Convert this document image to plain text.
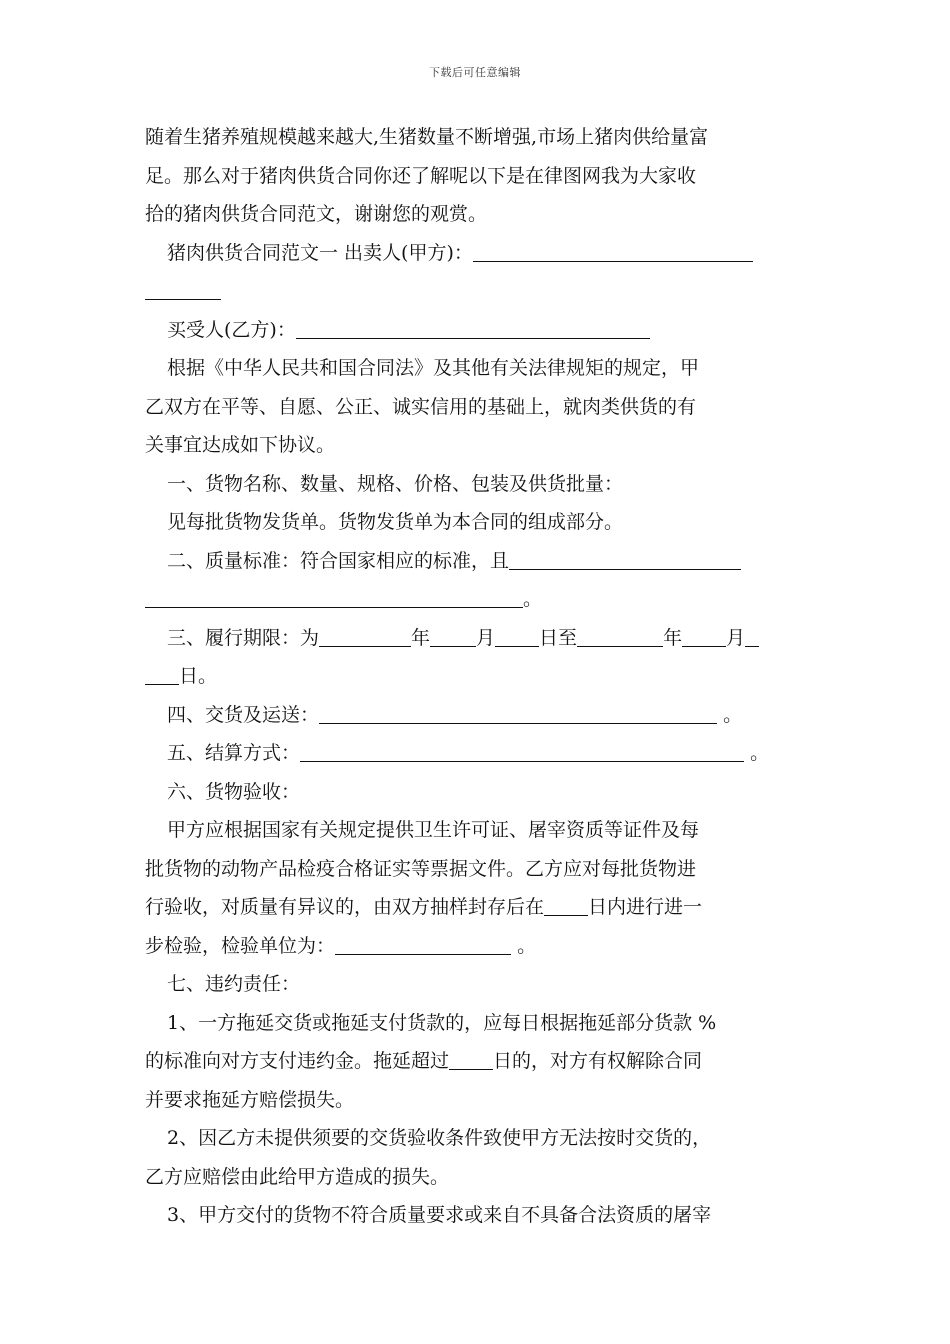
下载后可任意编辑
随着生猪养殖规模越来越大,生猪数量不断增强,市场上猪肉供给量富
足。那么对于猪肉供货合同你还了解呢以下是在律图网我为大家收
拾的猪肉供货合同范文，谢谢您的观赏。
猪肉供货合同范文一 出卖人(甲方)：
买受人(乙方)：
根据《中华人民共和国合同法》及其他有关法律规矩的规定，甲
乙双方在平等、自愿、公正、诚实信用的基础上，就肉类供货的有
关事宜达成如下协议。
一、货物名称、数量、规格、价格、包装及供货批量：
见每批货物发货单。货物发货单为本合同的组成部分。
二、质量标准：符合国家相应的标准，且
。
三、履行期限：为	年 月 日至	年 月
日。
四、交货及运送：	。
五、结算方式：	。
六、货物验收：
甲方应根据国家有关规定提供卫生许可证、屠宰资质等证件及每
批货物的动物产品检疫合格证实等票据文件。乙方应对每批货物进
行验收，对质量有异议的，由双方抽样封存后在 日内进行进一
步检验，检验单位为：	。
七、违约责任：
1、一方拖延交货或拖延支付货款的，应每日根据拖延部分货款 %
的标准向对方支付违约金。拖延超过 日的，对方有权解除合同
并要求拖延方赔偿损失。
2、因乙方未提供须要的交货验收条件致使甲方无法按时交货的，
乙方应赔偿由此给甲方造成的损失。
3、甲方交付的货物不符合质量要求或来自不具备合法资质的屠宰
